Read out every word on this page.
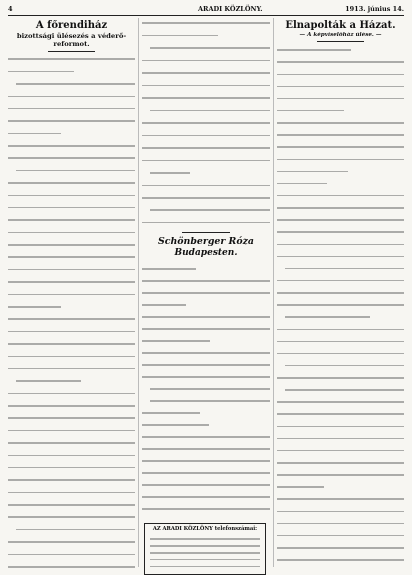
4	ARADI KÖZLÖNY.	1913. június 14.
A főrendiház
bizottsági ülésezés a véderő-reformot.
Schönberger Róza
Budapesten.
AZ ARADI KÖZLÖNY telefonszámai:
Elnapolták a Házat.
— A képviselőház ülése. —
